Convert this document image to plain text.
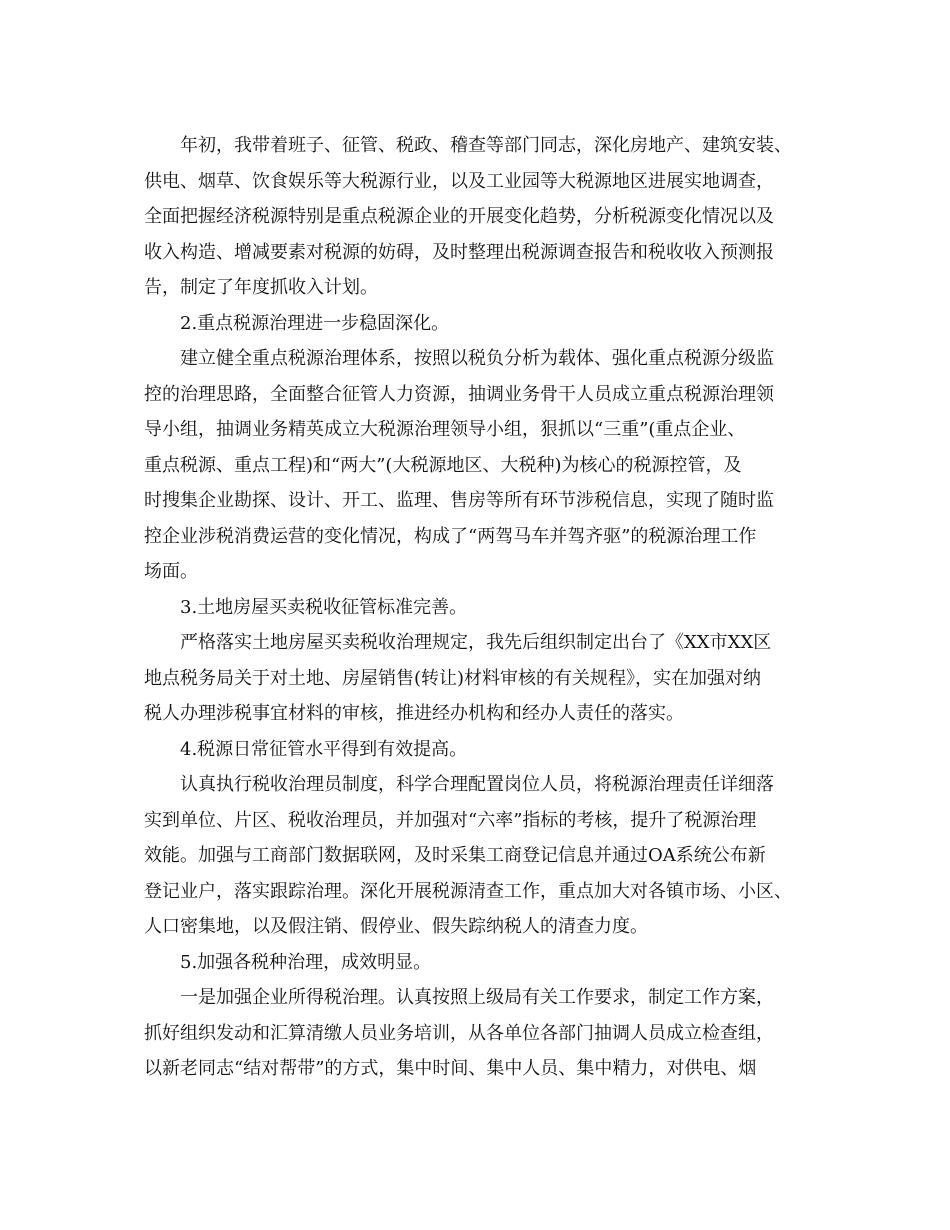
年初，我带着班子、征管、税政、稽查等部门同志，深化房地产、建筑安装、
供电、烟草、饮食娱乐等大税源行业，以及工业园等大税源地区进展实地调查，
全面把握经济税源特别是重点税源企业的开展变化趋势，分析税源变化情况以及
收入构造、增减要素对税源的妨碍，及时整理出税源调查报告和税收收入预测报
告，制定了年度抓收入计划。
2.重点税源治理进一步稳固深化。
建立健全重点税源治理体系，按照以税负分析为载体、强化重点税源分级监
控的治理思路，全面整合征管人力资源，抽调业务骨干人员成立重点税源治理领
导小组，抽调业务精英成立大税源治理领导小组，狠抓以“三重”(重点企业、
重点税源、重点工程)和“两大”(大税源地区、大税种)为核心的税源控管，及
时搜集企业勘探、设计、开工、监理、售房等所有环节涉税信息，实现了随时监
控企业涉税消费运营的变化情况，构成了“两驾马车并驾齐驱”的税源治理工作
场面。
3.土地房屋买卖税收征管标准完善。
严格落实土地房屋买卖税收治理规定，我先后组织制定出台了《XX市XX区
地点税务局关于对土地、房屋销售(转让)材料审核的有关规程》，实在加强对纳
税人办理涉税事宜材料的审核，推进经办机构和经办人责任的落实。
4.税源日常征管水平得到有效提高。
认真执行税收治理员制度，科学合理配置岗位人员，将税源治理责任详细落
实到单位、片区、税收治理员，并加强对“六率”指标的考核，提升了税源治理
效能。加强与工商部门数据联网，及时采集工商登记信息并通过OA系统公布新
登记业户，落实跟踪治理。深化开展税源清查工作，重点加大对各镇市场、小区、
人口密集地，以及假注销、假停业、假失踪纳税人的清查力度。
5.加强各税种治理，成效明显。
一是加强企业所得税治理。认真按照上级局有关工作要求，制定工作方案，
抓好组织发动和汇算清缴人员业务培训，从各单位各部门抽调人员成立检查组，
以新老同志“结对帮带”的方式，集中时间、集中人员、集中精力，对供电、烟
